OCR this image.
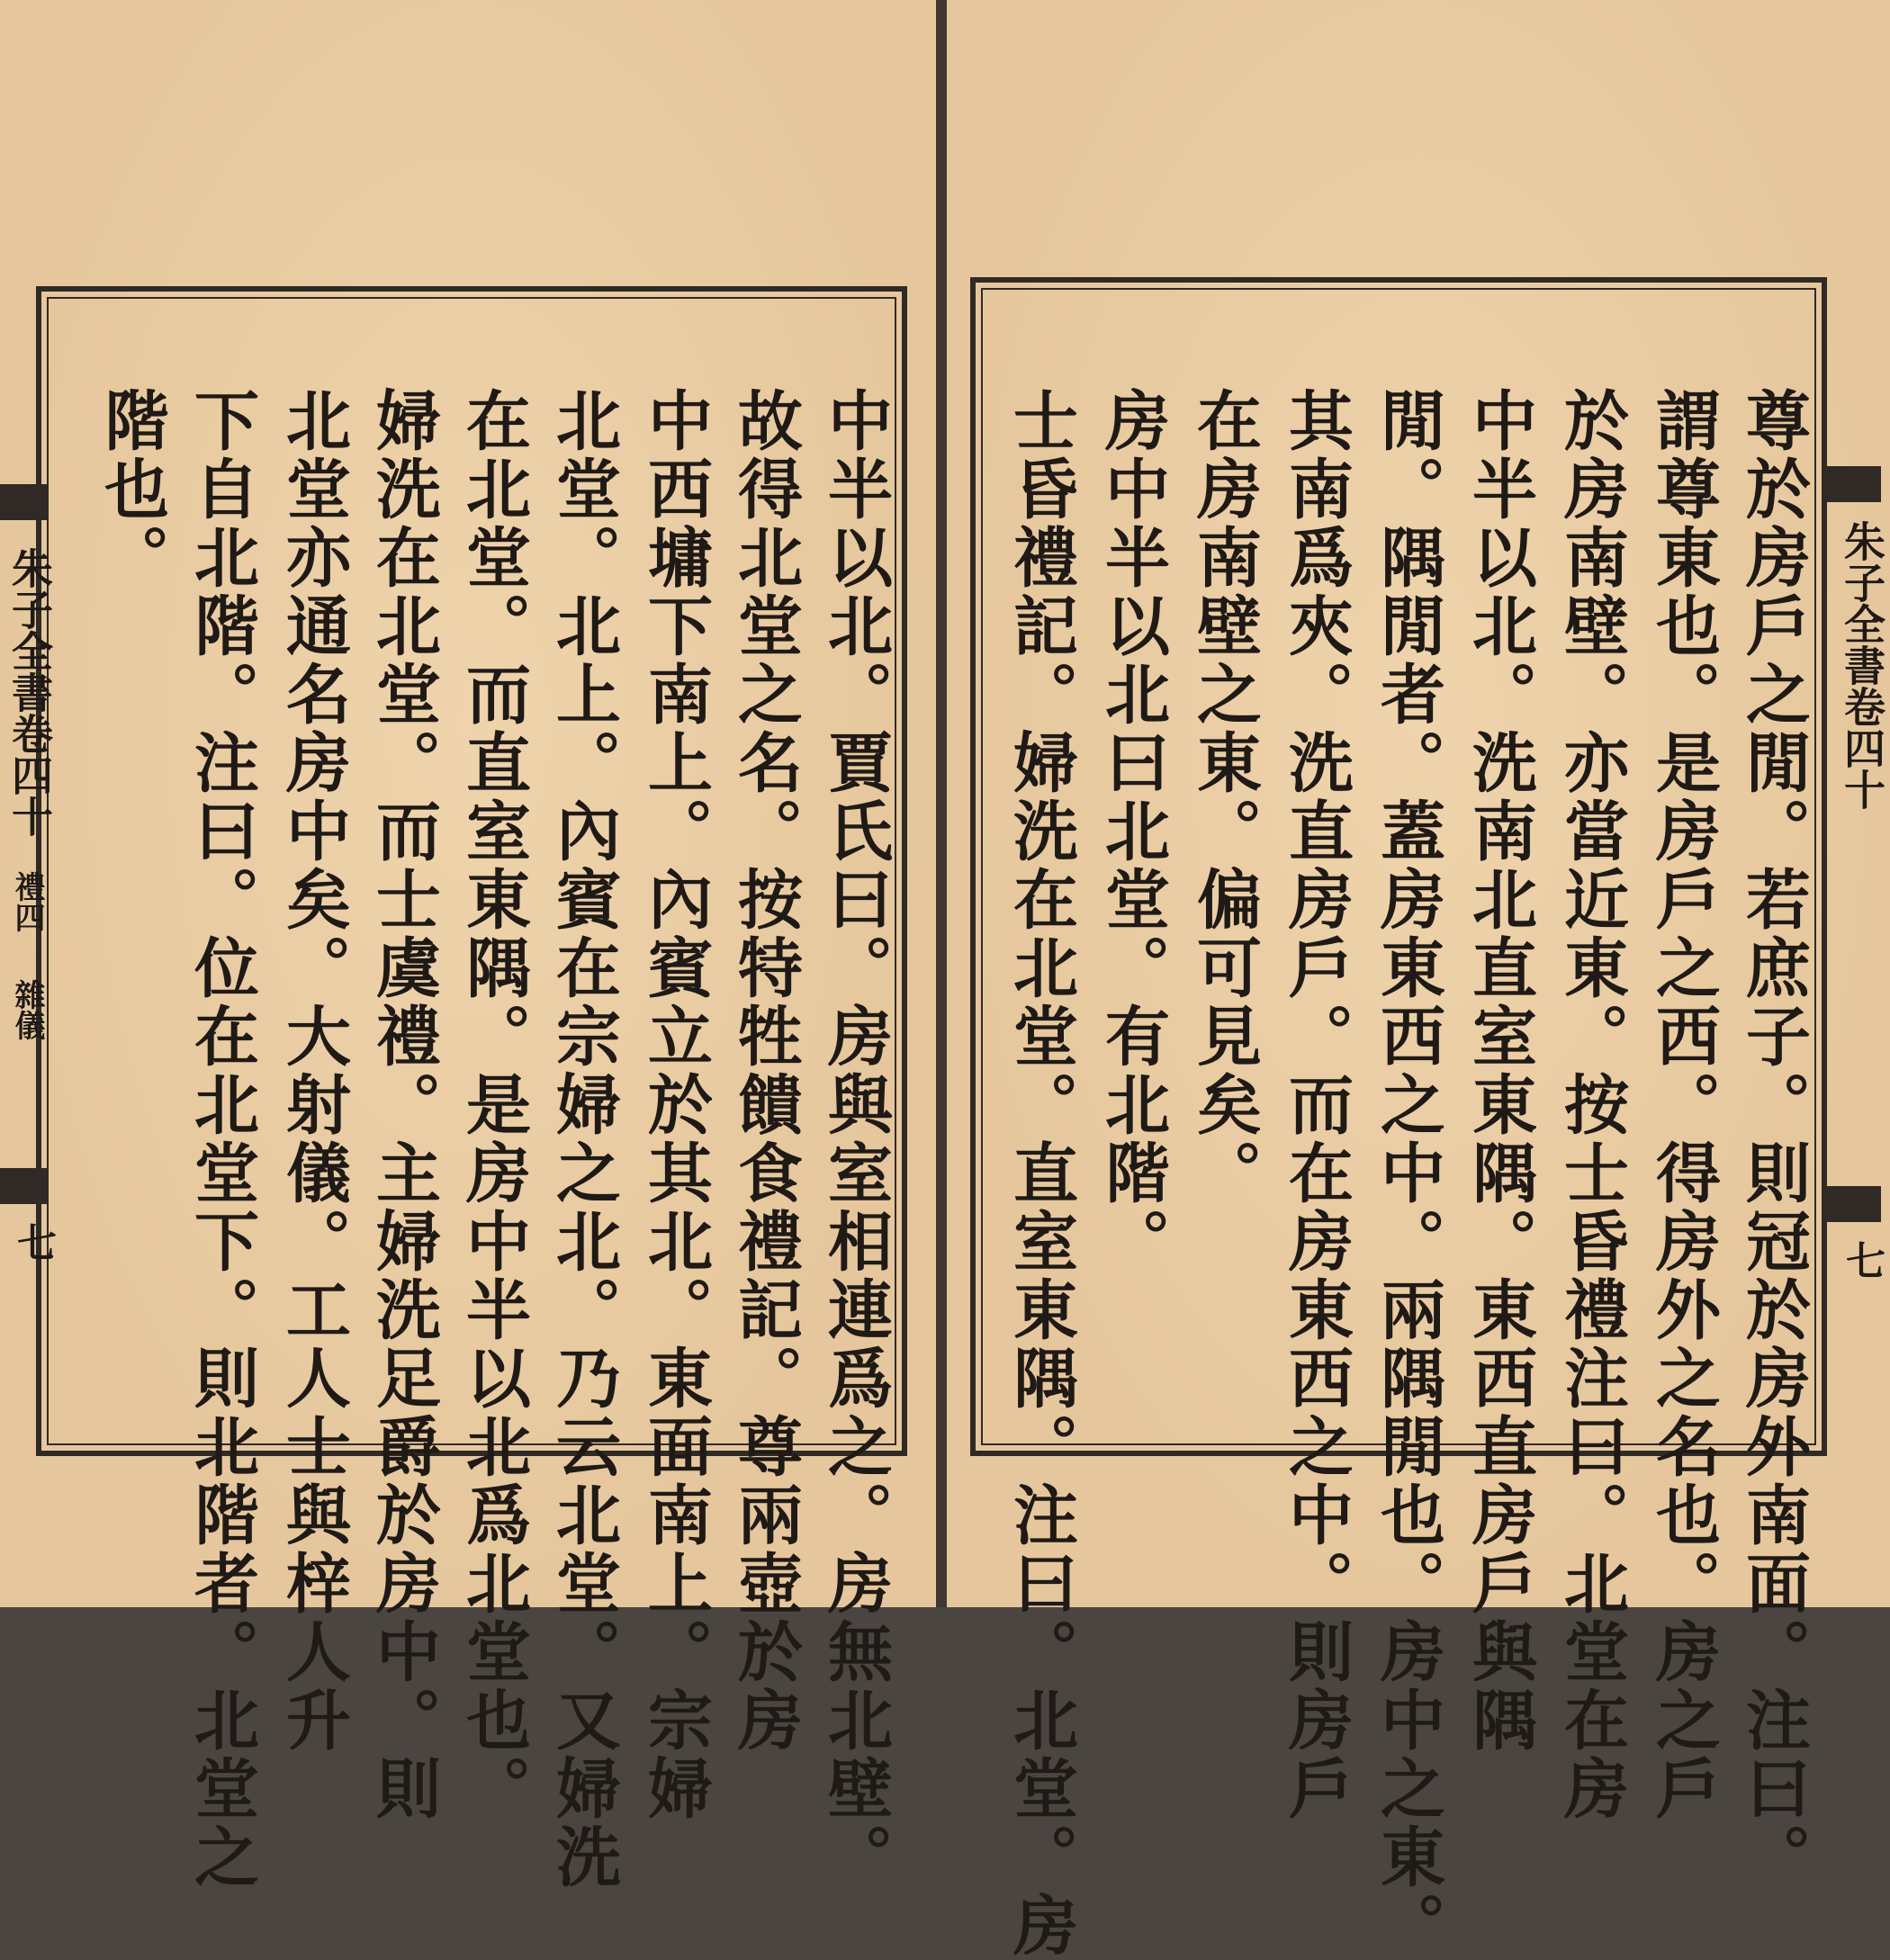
朱子全書卷四十
禮四
雜儀
七	中半以北。賈氏曰。房與室相連爲之。房無北壁。
故得北堂之名。按特牲饋食禮記。尊兩壺於房
中西墉下南上。內賓立於其北。東面南上。宗婦
北堂。北上。內賓在宗婦之北。乃云北堂。又婦洗
在北堂。而直室東隅。是房中半以北爲北堂也。
婦洗在北堂。而士虞禮。主婦洗足爵於房中。則
北堂亦通名房中矣。大射儀。工人士與梓人升
下自北階。注曰。位在北堂下。則北階者。北堂之
階也。
朱子全書卷四十
七
尊於房戶之閒。若庶子。則冠於房外南面。注曰。
謂尊東也。是房戶之西。得房外之名也。房之戶
於房南壁。亦當近東。按士昏禮注曰。北堂在房
中半以北。洗南北直室東隅。東西直房戶與隅
閒。隅閒者。蓋房東西之中。兩隅閒也。房中之東。
其南爲夾。洗直房戶。而在房東西之中。則房戶
在房南壁之東。偏可見矣。
房中半以北曰北堂。有北階。
士昏禮記。婦洗在北堂。直室東隅。注曰。北堂。房
